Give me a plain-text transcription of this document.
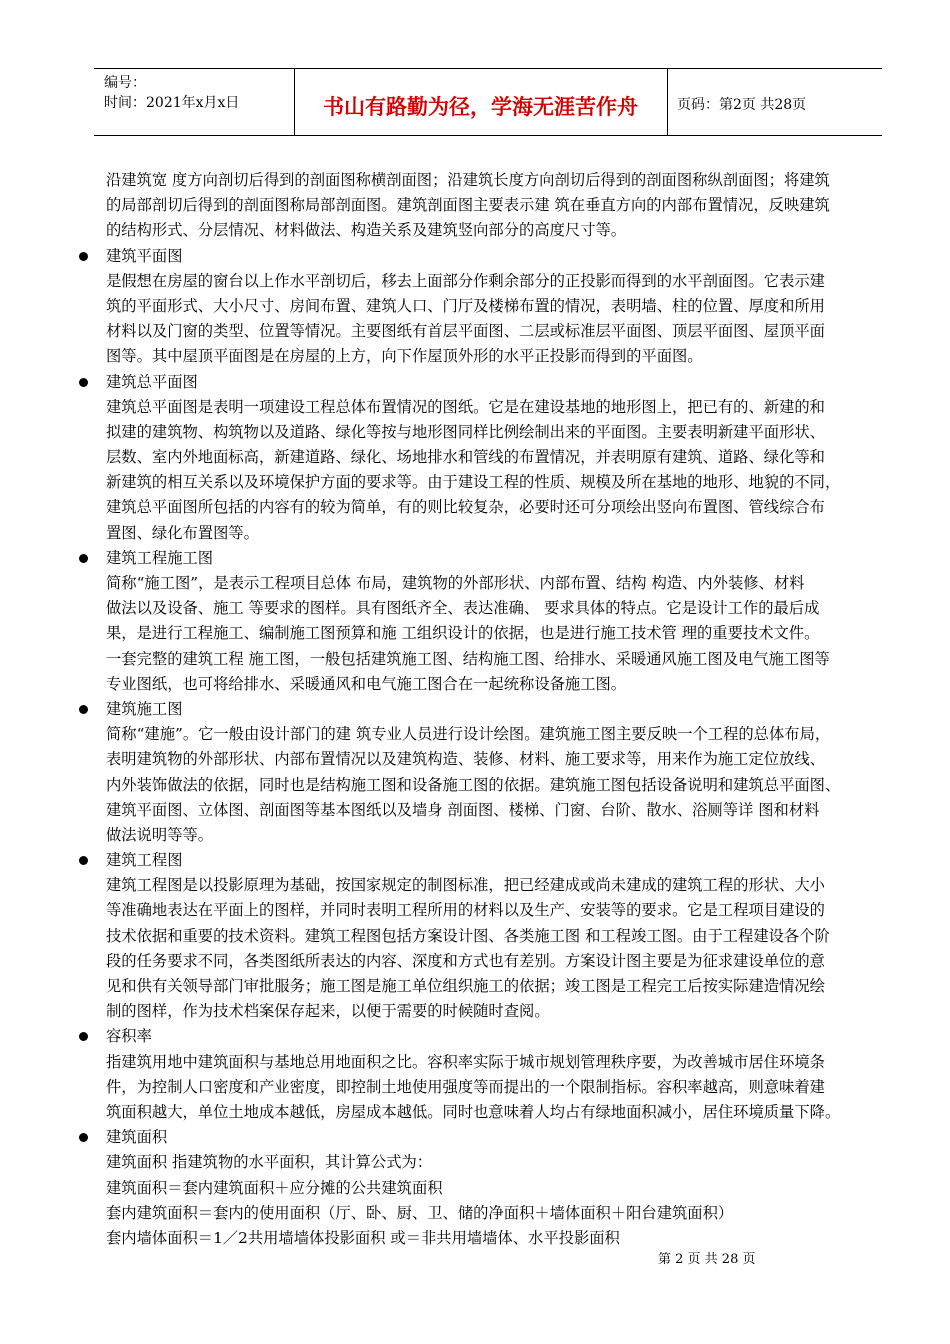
编号：
时间：2021年x月x日	书山有路勤为径，学海无涯苦作舟	页码：第2页 共28页
沿建筑宽 度方向剖切后得到的剖面图称横剖面图；沿建筑长度方向剖切后得到的剖面图称纵剖面图；将建筑
的局部剖切后得到的剖面图称局部剖面图。建筑剖面图主要表示建 筑在垂直方向的内部布置情况，反映建筑
的结构形式、分层情况、材料做法、构造关系及建筑竖向部分的高度尺寸等。
建筑平面图
是假想在房屋的窗台以上作水平剖切后，移去上面部分作剩余部分的正投影而得到的水平剖面图。它表示建
筑的平面形式、大小尺寸、房间布置、建筑人口、门厅及楼梯布置的情况，表明墙、柱的位置、厚度和所用
材料以及门窗的类型、位置等情况。主要图纸有首层平面图、二层或标准层平面图、顶层平面图、屋顶平面
图等。其中屋顶平面图是在房屋的上方，向下作屋顶外形的水平正投影而得到的平面图。
建筑总平面图
建筑总平面图是表明一项建设工程总体布置情况的图纸。它是在建设基地的地形图上，把已有的、新建的和
拟建的建筑物、构筑物以及道路、绿化等按与地形图同样比例绘制出来的平面图。主要表明新建平面形状、
层数、室内外地面标高，新建道路、绿化、场地排水和管线的布置情况，并表明原有建筑、道路、绿化等和
新建筑的相互关系以及环境保护方面的要求等。由于建设工程的性质、规模及所在基地的地形、地貌的不同，
建筑总平面图所包括的内容有的较为简单，有的则比较复杂，必要时还可分项绘出竖向布置图、管线综合布
置图、绿化布置图等。
建筑工程施工图
简称“施工图”，是表示工程项目总体 布局，建筑物的外部形状、内部布置、结构 构造、内外装修、材料
做法以及设备、施工 等要求的图样。具有图纸齐全、表达准确、 要求具体的特点。它是设计工作的最后成
果，是进行工程施工、编制施工图预算和施 工组织设计的依据，也是进行施工技术管 理的重要技术文件。
一套完整的建筑工程 施工图，一般包括建筑施工图、结构施工图、给排水、采暖通风施工图及电气施工图等
专业图纸，也可将给排水、采暖通风和电气施工图合在一起统称设备施工图。
建筑施工图
简称“建施”。它一般由设计部门的建 筑专业人员进行设计绘图。建筑施工图主要反映一个工程的总体布局，
表明建筑物的外部形状、内部布置情况以及建筑构造、装修、材料、施工要求等，用来作为施工定位放线、
内外装饰做法的依据，同时也是结构施工图和设备施工图的依据。建筑施工图包括设备说明和建筑总平面图、
建筑平面图、立体图、剖面图等基本图纸以及墙身 剖面图、楼梯、门窗、台阶、散水、浴厕等详 图和材料
做法说明等等。
建筑工程图
建筑工程图是以投影原理为基础，按国家规定的制图标准，把已经建成或尚未建成的建筑工程的形状、大小
等准确地表达在平面上的图样，并同时表明工程所用的材料以及生产、安装等的要求。它是工程项目建设的
技术依据和重要的技术资料。建筑工程图包括方案设计图、各类施工图 和工程竣工图。由于工程建设各个阶
段的任务要求不同，各类图纸所表达的内容、深度和方式也有差别。方案设计图主要是为征求建设单位的意
见和供有关领导部门审批服务；施工图是施工单位组织施工的依据；竣工图是工程完工后按实际建造情况绘
制的图样，作为技术档案保存起来，以便于需要的时候随时查阅。
容积率
指建筑用地中建筑面积与基地总用地面积之比。容积率实际于城市规划管理秩序要，为改善城市居住环境条
件，为控制人口密度和产业密度，即控制土地使用强度等而提出的一个限制指标。容积率越高，则意味着建
筑面积越大，单位土地成本越低，房屋成本越低。同时也意味着人均占有绿地面积减小，居住环境质量下降。
建筑面积
建筑面积 指建筑物的水平面积，其计算公式为：
建筑面积＝套内建筑面积＋应分摊的公共建筑面积
套内建筑面积＝套内的使用面积（厅、卧、厨、卫、储的净面积＋墙体面积＋阳台建筑面积）
套内墙体面积＝1／2共用墙墙体投影面积 或＝非共用墙墙体、水平投影面积
第 2 页 共 28 页
